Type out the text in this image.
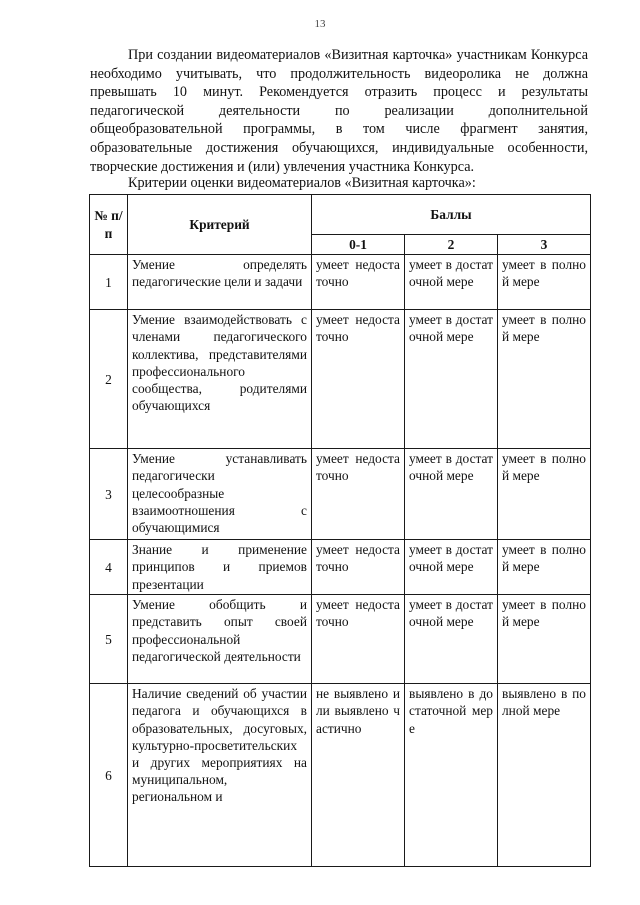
13

При создании видеоматериалов «Визитная карточка» участникам Конкурса необходимо учитывать, что продолжительность видеоролика не должна превышать 10 минут. Рекомендуется отразить процесс и результаты педагогической деятельности по реализации дополнительной общеобразовательной программы, в том числе фрагмент занятия, образовательные достижения обучающихся, индивидуальные особенности, творческие достижения и (или) увлечения участника Конкурса.

Критерии оценки видеоматериалов «Визитная карточка»:

№ п/п	Критерий	Баллы		
		0-1	2	3
1	Умение определять педагогические цели и задачи	умеет недостаточно	умеет в достаточной мере	умеет в полной мере
2	Умение взаимодействовать с членами педагогического коллектива, представителями профессионального сообщества, родителями обучающихся	умеет недостаточно	умеет в достаточной мере	умеет в полной мере
3	Умение устанавливать педагогически целесообразные взаимоотношения с обучающимися	умеет недостаточно	умеет в достаточной мере	умеет в полной мере
4	Знание и применение принципов и приемов презентации	умеет недостаточно	умеет в достаточной мере	умеет в полной мере
5	Умение обобщить и представить опыт своей профессиональной педагогической деятельности	умеет недостаточно	умеет в достаточной мере	умеет в полной мере
6	Наличие сведений об участии педагога и обучающихся в образовательных, досуговых, культурно-просветительских и других мероприятиях на муниципальном, региональном и	не выявлено или выявлено частично	выявлено в достаточной мере	выявлено в полной мере
